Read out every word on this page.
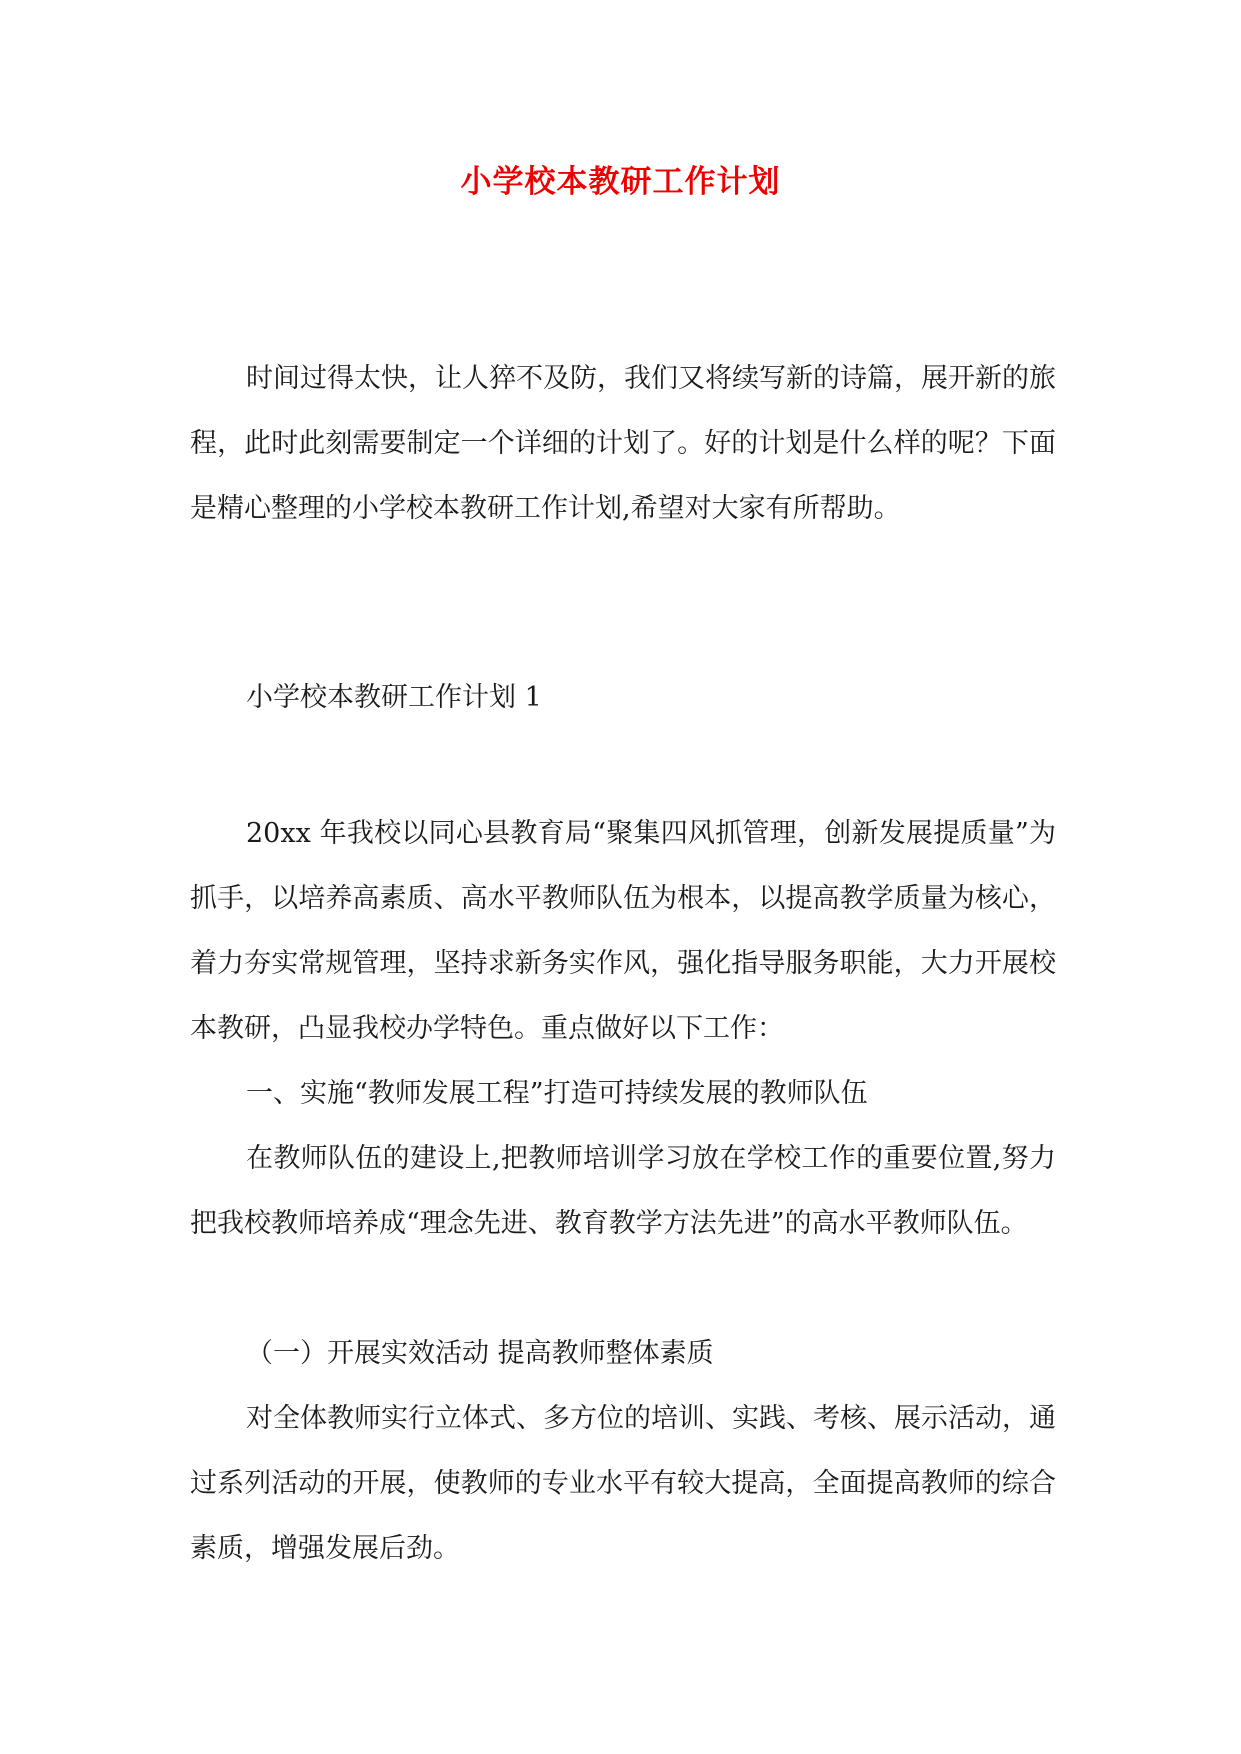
小学校本教研工作计划

时间过得太快，让人猝不及防，我们又将续写新的诗篇，展开新的旅程，此时此刻需要制定一个详细的计划了。好的计划是什么样的呢？下面是精心整理的小学校本教研工作计划,希望对大家有所帮助。

小学校本教研工作计划 1

20xx 年我校以同心县教育局“聚集四风抓管理，创新发展提质量”为抓手，以培养高素质、高水平教师队伍为根本，以提高教学质量为核心，着力夯实常规管理，坚持求新务实作风，强化指导服务职能，大力开展校本教研，凸显我校办学特色。重点做好以下工作：

一、实施“教师发展工程”打造可持续发展的教师队伍

在教师队伍的建设上,把教师培训学习放在学校工作的重要位置,努力把我校教师培养成“理念先进、教育教学方法先进”的高水平教师队伍。

（一）开展实效活动 提高教师整体素质

对全体教师实行立体式、多方位的培训、实践、考核、展示活动，通过系列活动的开展，使教师的专业水平有较大提高，全面提高教师的综合素质，增强发展后劲。
